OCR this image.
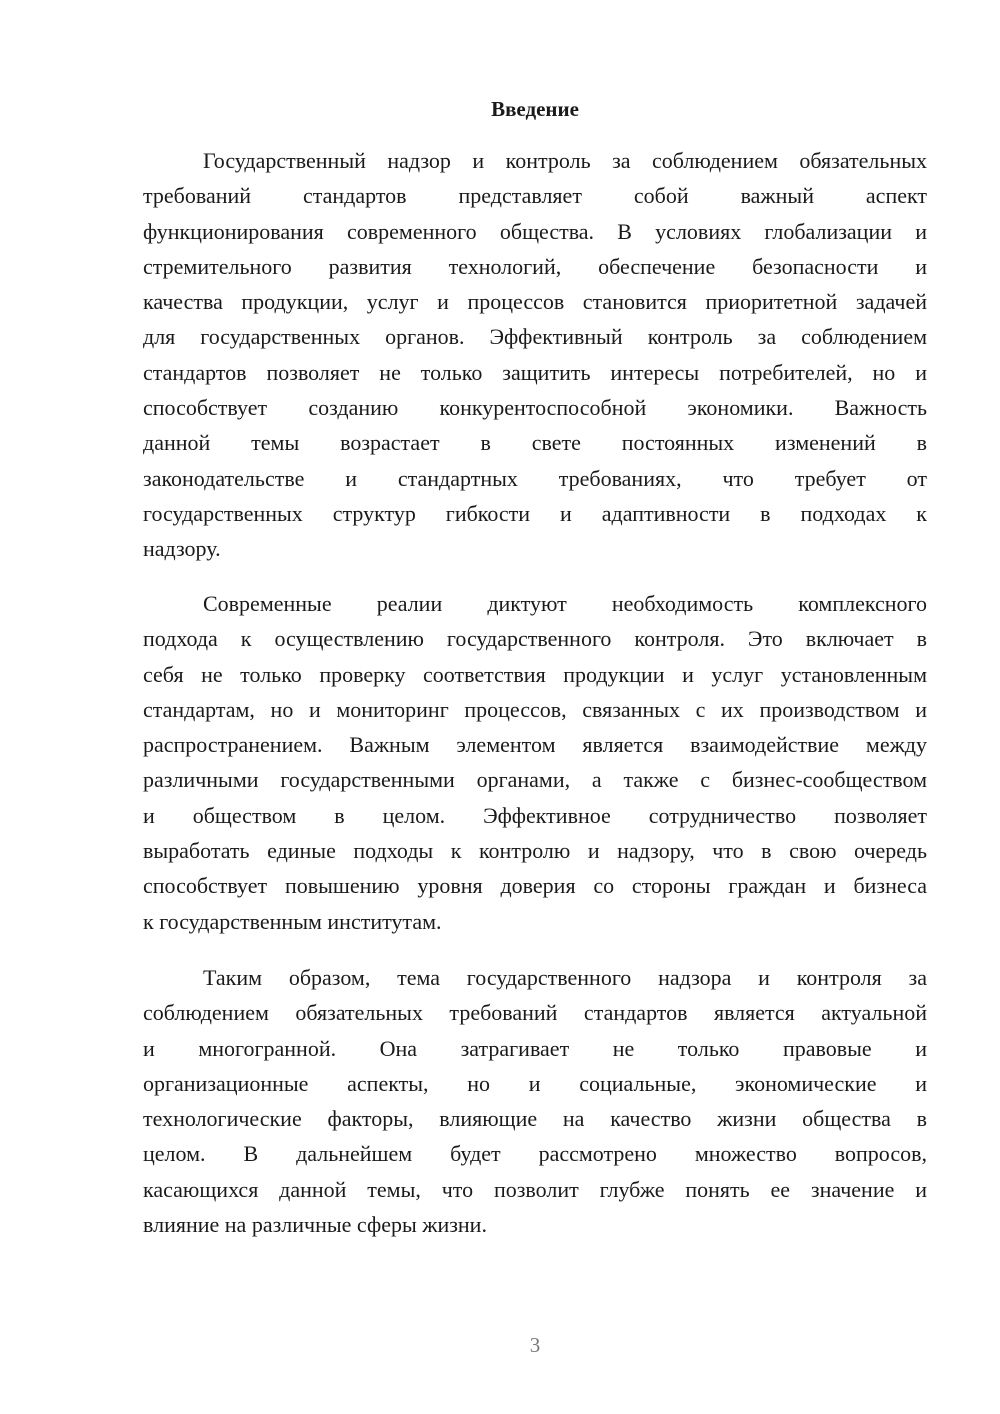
Введение
Государственный надзор и контроль за соблюдением обязательных
требований стандартов представляет собой важный аспект
функционирования современного общества. В условиях глобализации и
стремительного развития технологий, обеспечение безопасности и
качества продукции, услуг и процессов становится приоритетной задачей
для государственных органов. Эффективный контроль за соблюдением
стандартов позволяет не только защитить интересы потребителей, но и
способствует созданию конкурентоспособной экономики. Важность
данной темы возрастает в свете постоянных изменений в
законодательстве и стандартных требованиях, что требует от
государственных структур гибкости и адаптивности в подходах к
надзору.
Современные реалии диктуют необходимость комплексного
подхода к осуществлению государственного контроля. Это включает в
себя не только проверку соответствия продукции и услуг установленным
стандартам, но и мониторинг процессов, связанных с их производством и
распространением. Важным элементом является взаимодействие между
различными государственными органами, а также с бизнес-сообществом
и обществом в целом. Эффективное сотрудничество позволяет
выработать единые подходы к контролю и надзору, что в свою очередь
способствует повышению уровня доверия со стороны граждан и бизнеса
к государственным институтам.
Таким образом, тема государственного надзора и контроля за
соблюдением обязательных требований стандартов является актуальной
и многогранной. Она затрагивает не только правовые и
организационные аспекты, но и социальные, экономические и
технологические факторы, влияющие на качество жизни общества в
целом. В дальнейшем будет рассмотрено множество вопросов,
касающихся данной темы, что позволит глубже понять ее значение и
влияние на различные сферы жизни.
3
